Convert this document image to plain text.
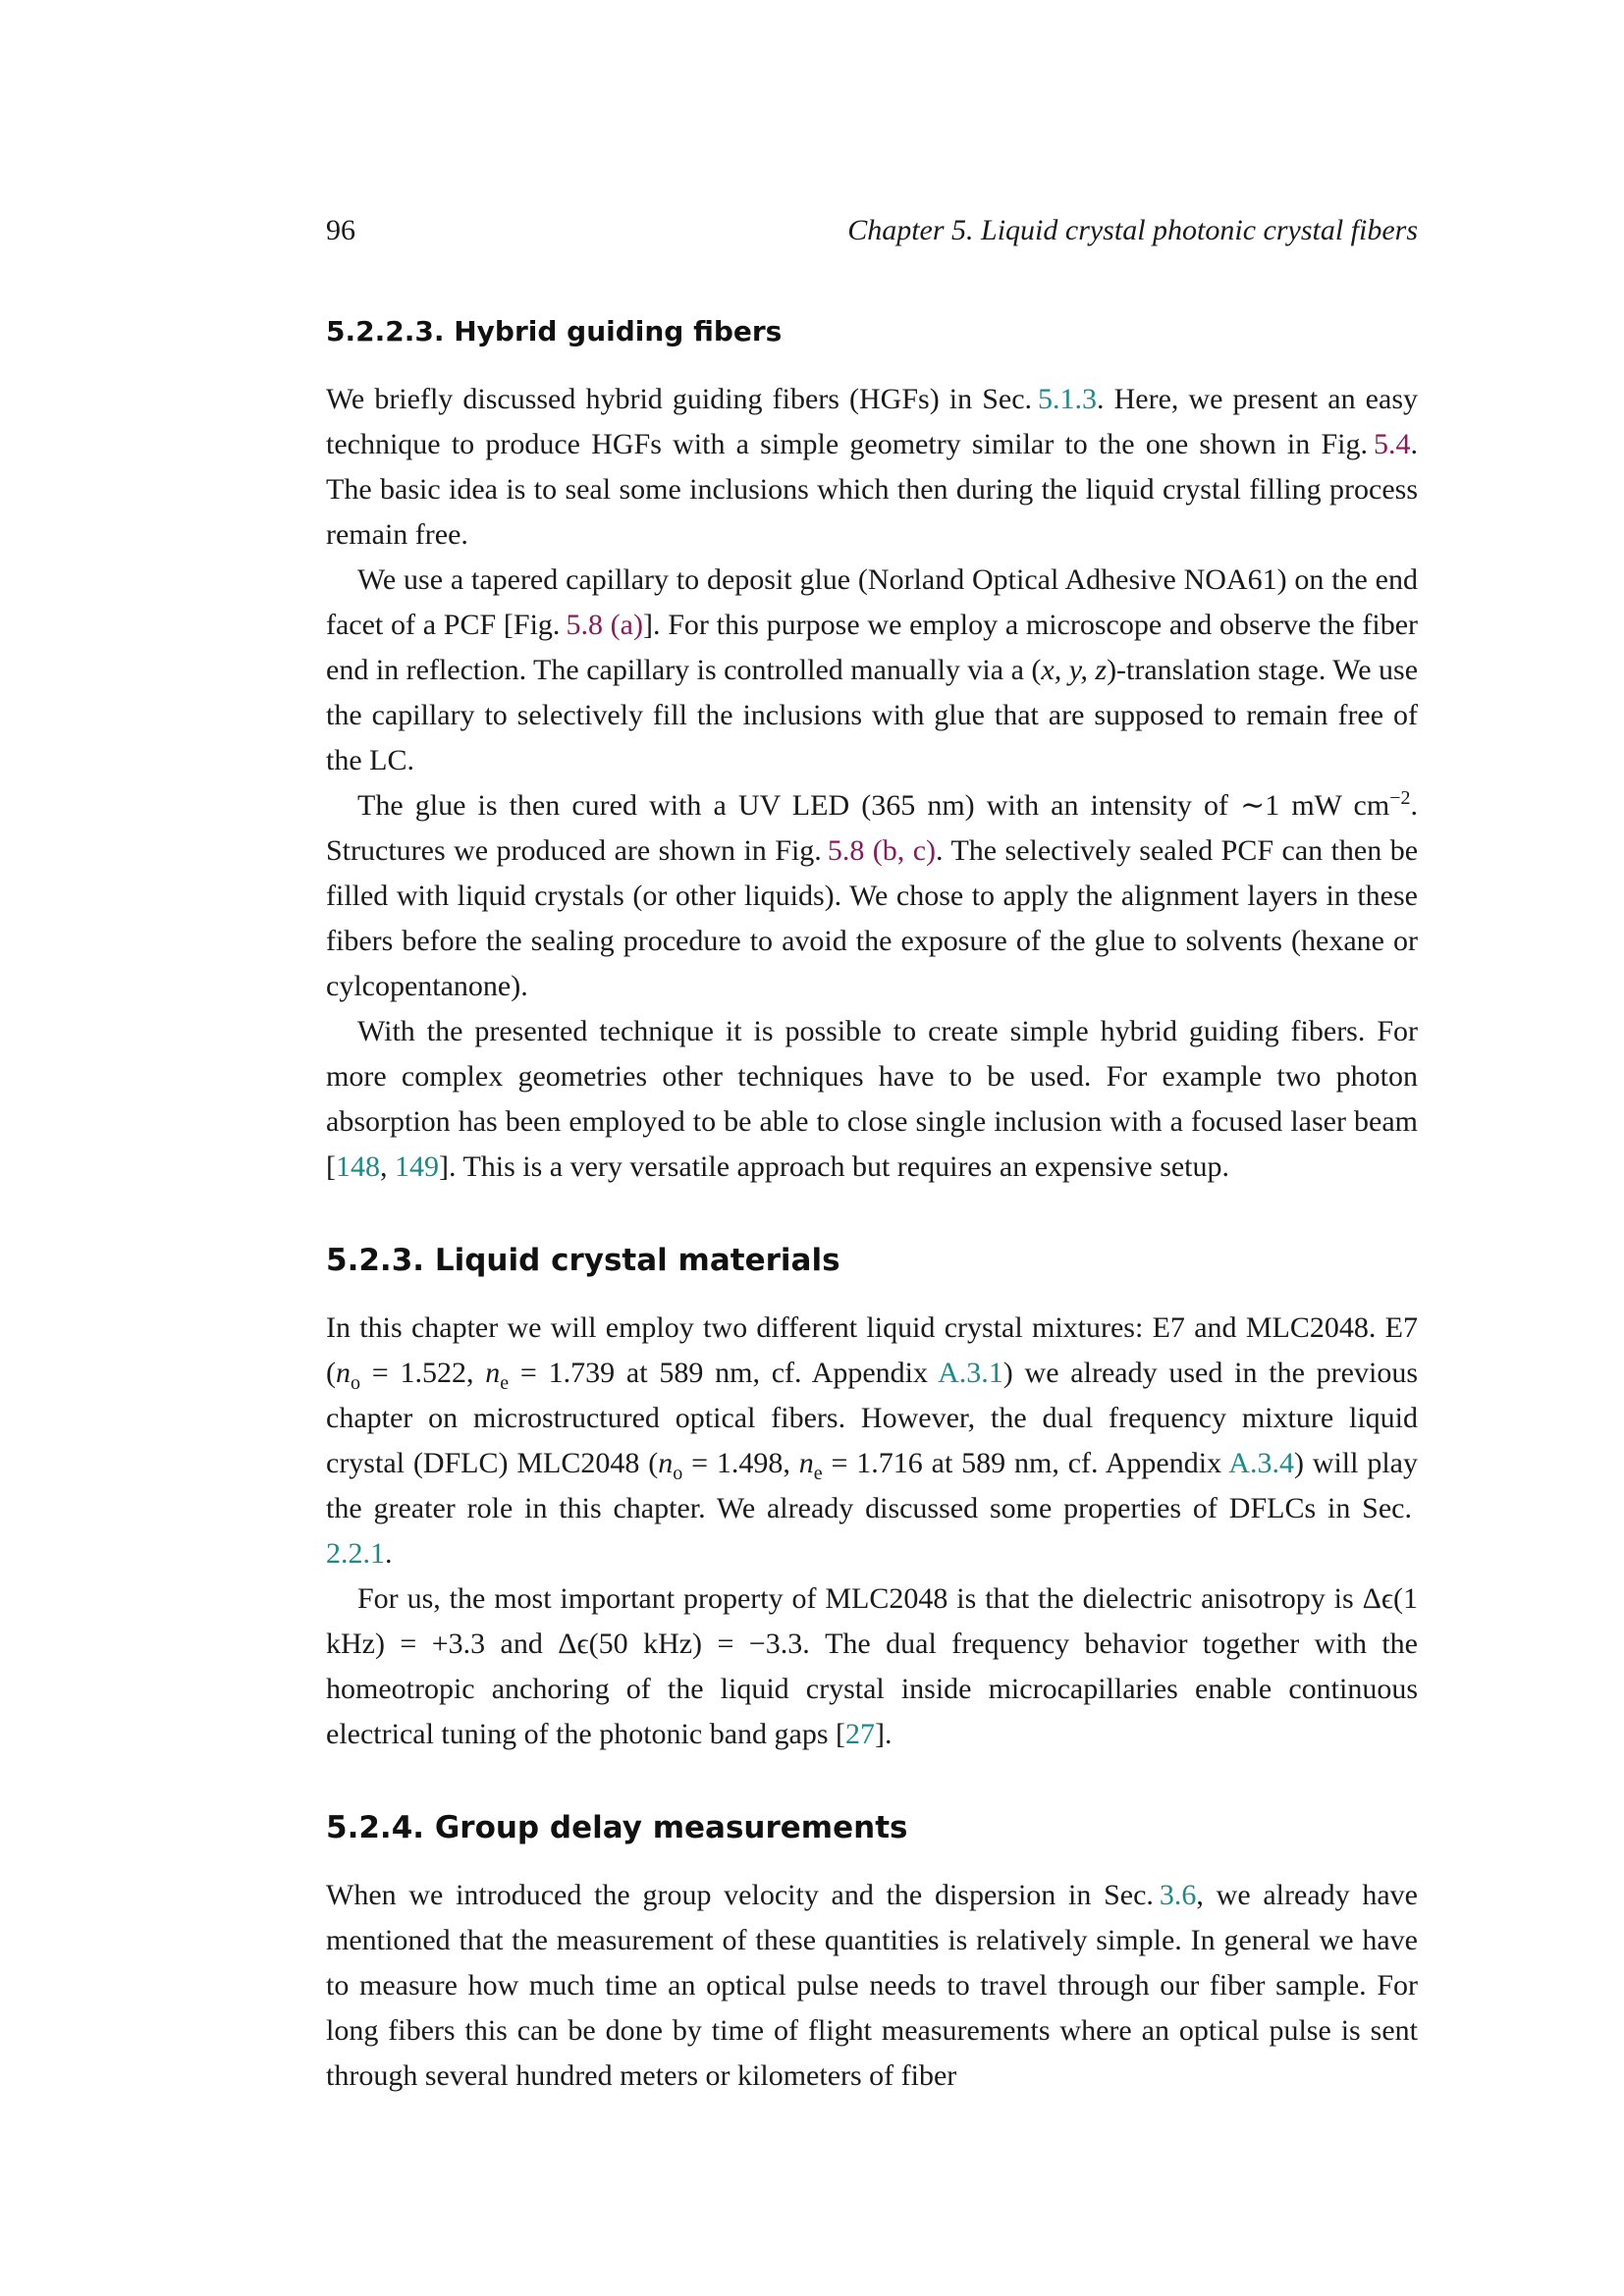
96	Chapter 5. Liquid crystal photonic crystal fibers
5.2.2.3. Hybrid guiding fibers

We briefly discussed hybrid guiding fibers (HGFs) in Sec.  5.1.3. Here, we present an easy technique to produce HGFs with a simple geometry similar to the one shown in Fig.  5.4. The basic idea is to seal some inclusions which then during the liquid crystal filling process remain free.

We use a tapered capillary to deposit glue (Norland Optical Adhesive NOA61) on the end facet of a PCF [Fig.  5.8 (a)]. For this purpose we employ a microscope and observe the fiber end in reflection. The capillary is controlled manually via a (x, y, z)-translation stage. We use the capillary to selectively fill the inclusions with glue that are supposed to remain free of the LC.

The glue is then cured with a UV LED (365 nm) with an intensity of ∼1 mW $cm^{-2}$. Structures we produced are shown in Fig.  5.8 (b, c). The selectively sealed PCF can then be filled with liquid crystals (or other liquids). We chose to apply the alignment layers in these fibers before the sealing procedure to avoid the exposure of the glue to solvents (hexane or cylcopentanone).

With the presented technique it is possible to create simple hybrid guiding fibers. For more complex geometries other techniques have to be used. For example two photon absorption has been employed to be able to close single inclusion with a focused laser beam [148, 149]. This is a very versatile approach but requires an expensive setup.

5.2.3. Liquid crystal materials

In this chapter we will employ two different liquid crystal mixtures: E7 and MLC2048. E7 ($n_o = 1.522$, $n_e = 1.739$ at 589 nm, cf. Appendix A.3.1) we already used in the previous chapter on microstructured optical fibers. However, the dual frequency mixture liquid crystal (DFLC) MLC2048 ($n_o = 1.498$, $n_e = 1.716$ at 589 nm, cf. Appendix A.3.4) will play the greater role in this chapter. We already discussed some properties of DFLCs in Sec. 2.2.1.

For us, the most important property of MLC2048 is that the dielectric anisotropy is Δϵ(1 kHz) = +3.3 and Δϵ(50 kHz) = −3.3. The dual frequency behavior together with the homeotropic anchoring of the liquid crystal inside microcapillaries enable continuous electrical tuning of the photonic band gaps [27].

5.2.4. Group delay measurements

When we introduced the group velocity and the dispersion in Sec.  3.6, we already have mentioned that the measurement of these quantities is relatively simple. In general we have to measure how much time an optical pulse needs to travel through our fiber sample. For long fibers this can be done by time of flight measurements where an optical pulse is sent through several hundred meters or kilometers of fiber
